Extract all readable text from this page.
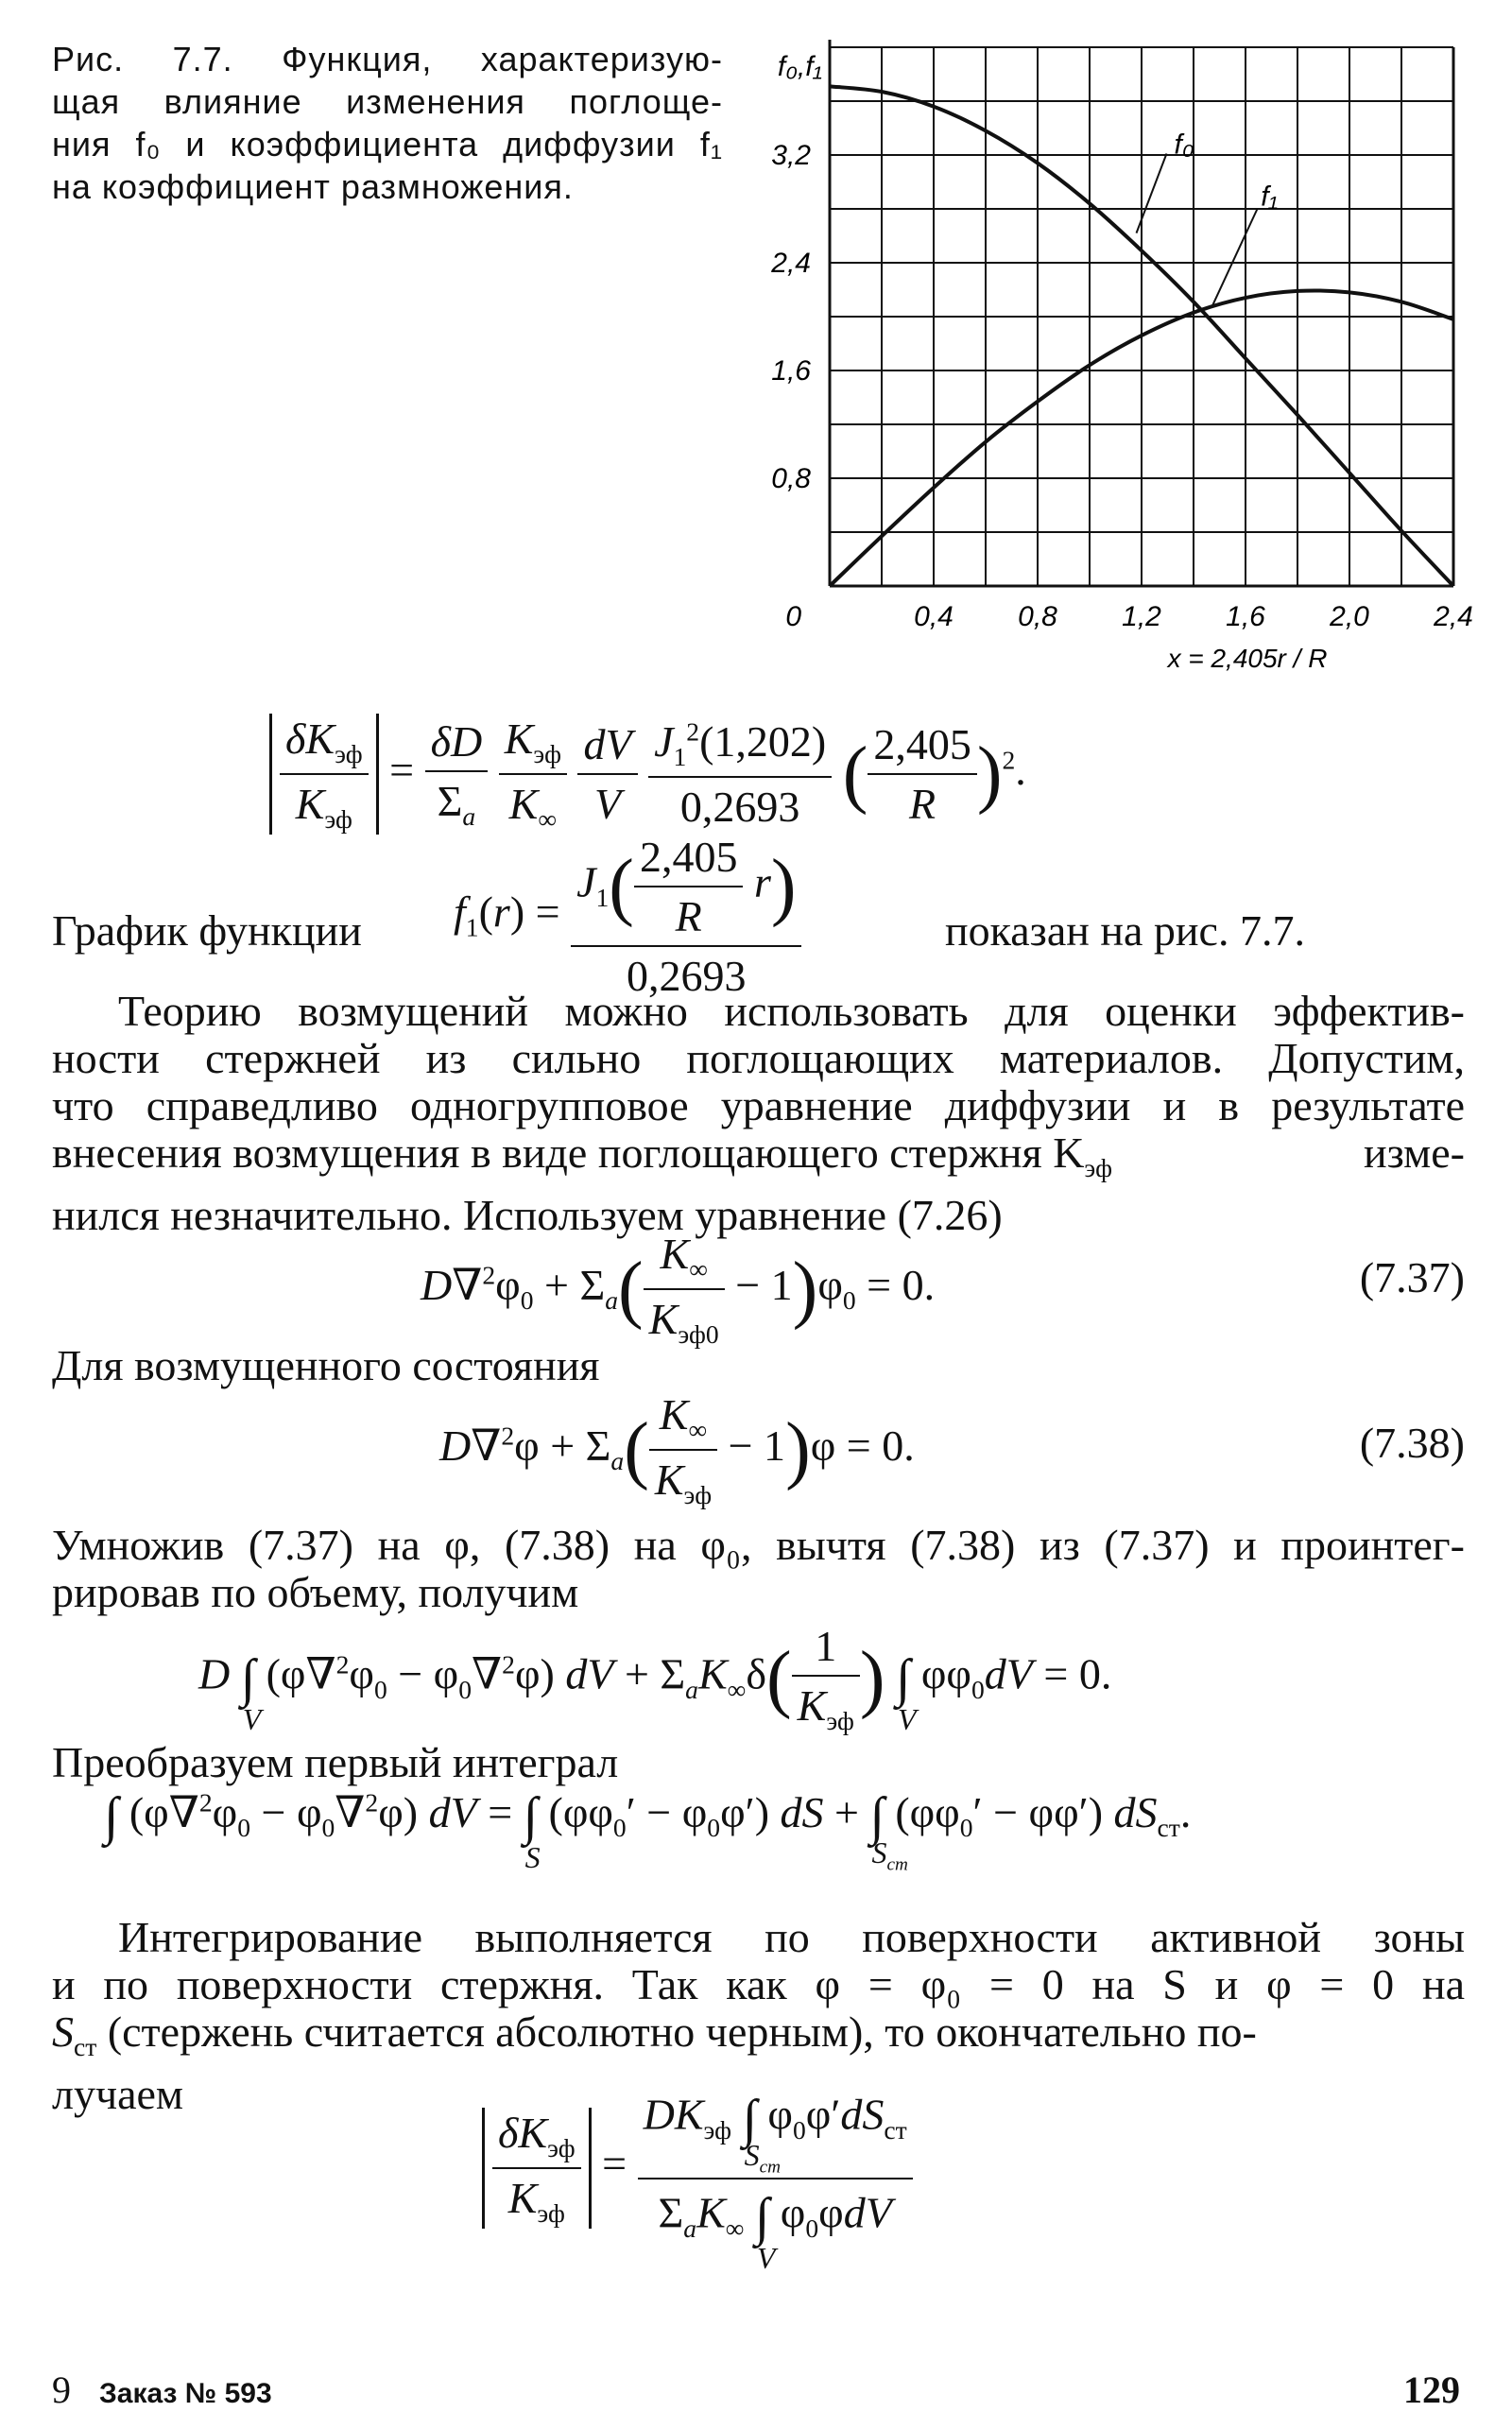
Рис. 7.7. Функция, характеризую-
щая влияние изменения поглоще-
ния f₀ и коэффициента диффузии f₁
на коэффициент размножения.
f₀
f₁
0,8
1,6
2,4
3,2
0	0,4 0,8 1,2 1,6 2,0 2,4
f₀,f₁
x = 2,405r / R
$\frac{\delta K_{эф}}{K_{эф}} = \frac{\delta D}{\Sigma_a}$
$\frac{K_{эф}}{K_\infty}$
$\frac{dV}{V}$
$\frac{J_1^2(1,202)}{0,2693}$ ( $\frac{2,405}{R} )^2$.
График функции $f_1(r) = \frac{J_1( \frac{2,405}{R} r)}{0,2693}$	показан на рис. 7.7.
Теорию возмущений можно использовать для оценки эффектив-
ности стержней из сильно поглощающих материалов. Допустим,
что справедливо одногрупповое уравнение диффузии и в результате
внесения возмущения в виде поглощающего стержня $K_{эф}$	изме-
нился незначительно. Используем уравнение (7.26)
$D\nabla^2\varphi_0 + \Sigma_a( \frac{K_\infty}{K_{эф0}} - 1)\varphi_0 = 0$.	(7.37)
Для возмущенного состояния
$D\nabla^2\varphi + \Sigma_a( \frac{K_\infty}{K_{эф}} - 1)\varphi = 0$.	(7.38)
Умножив (7.37) на φ, (7.38) на φ₀, вычтя (7.38) из (7.37) и проинтег-
рировав по объему, получим
D ∫
V
$(\varphi\nabla^2\varphi_0 - \varphi_0\nabla^2\varphi)$ dV + $\Sigma_aK_\infty\delta( \frac{1}{K_{эф}}$ ) ∫
V
$\varphi\varphi_0dV = 0$.
Преобразуем первый интеграл
∫ $(\varphi\nabla^2\varphi_0 - \varphi_0\nabla^2\varphi)$ dV = ∫
S
$(\varphi\varphi_0' - \varphi_0\varphi')$ dS + ∫
$S_{ст}$
$(\varphi\varphi_0' - \varphi\varphi')$ $dS_{ст}$.
Интегрирование выполняется по поверхности активной зоны
и по поверхности стержня. Так как φ = φ₀ = 0 на S и φ = 0 на
$S_{ст}$ (стержень считается абсолютно черным), то окончательно по-
лучаем
$\frac{\delta K_{эф}}{K_{эф}} = DK_{эф}$ ∫
$S_{ст}$
$\varphi_0\varphi'dS_{ст}$
$\Sigma_aK_\infty$ ∫
V
$\varphi_0\varphi dV$
9 Заказ № 593	129
